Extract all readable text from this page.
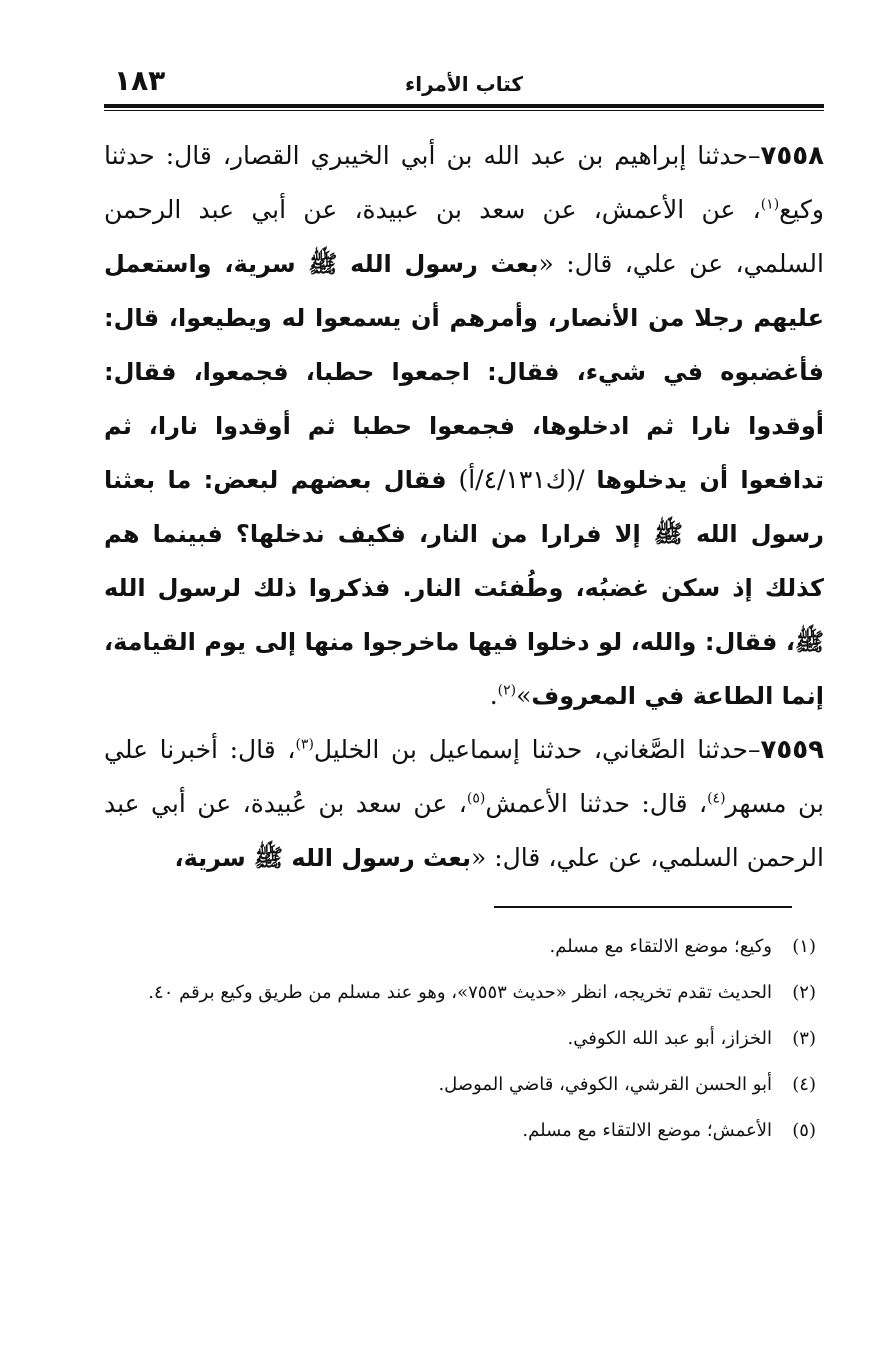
كتاب الأمراء
١٨٣

٧٥٥٨–حدثنا إبراهيم بن عبد الله بن أبي الخيبري القصار، قال: حدثنا وكيع$^{(١)}$، عن الأعمش، عن سعد بن عبيدة، عن أبي عبد الرحمن السلمي، عن علي، قال: «بعث رسول الله ﷺ سرية، واستعمل عليهم رجلا من الأنصار، وأمرهم أن يسمعوا له ويطيعوا، قال: فأغضبوه في شيء، فقال: اجمعوا حطبا، فجمعوا، فقال: أوقدوا نارا ثم ادخلوها، فجمعوا حطبا ثم أوقدوا نارا، ثم تدافعوا أن يدخلوها /(ك٤/١٣١/أ) فقال بعضهم لبعض: ما بعثنا رسول الله ﷺ إلا فرارا من النار، فكيف ندخلها؟ فبينما هم كذلك إذ سكن غضبُه، وطُفئت النار. فذكروا ذلك لرسول الله ﷺ، فقال: والله، لو دخلوا فيها ماخرجوا منها إلى يوم القيامة، إنما الطاعة في المعروف»$^{(٢)}$.

٧٥٥٩–حدثنا الصَّغاني، حدثنا إسماعيل بن الخليل$^{(٣)}$، قال: أخبرنا علي بن مسهر$^{(٤)}$، قال: حدثنا الأعمش$^{(٥)}$، عن سعد بن عُبيدة، عن أبي عبد الرحمن السلمي، عن علي، قال: «بعث رسول الله ﷺ سرية،

(١)
وكيع؛ موضع الالتقاء مع مسلم.
(٢)
الحديث تقدم تخريجه، انظر «حديث ٧٥٥٣»، وهو عند مسلم من طريق وكيع برقم ٤٠.
(٣)
الخزاز، أبو عبد الله الكوفي.
(٤)
أبو الحسن القرشي، الكوفي، قاضي الموصل.
(٥)
الأعمش؛ موضع الالتقاء مع مسلم.
